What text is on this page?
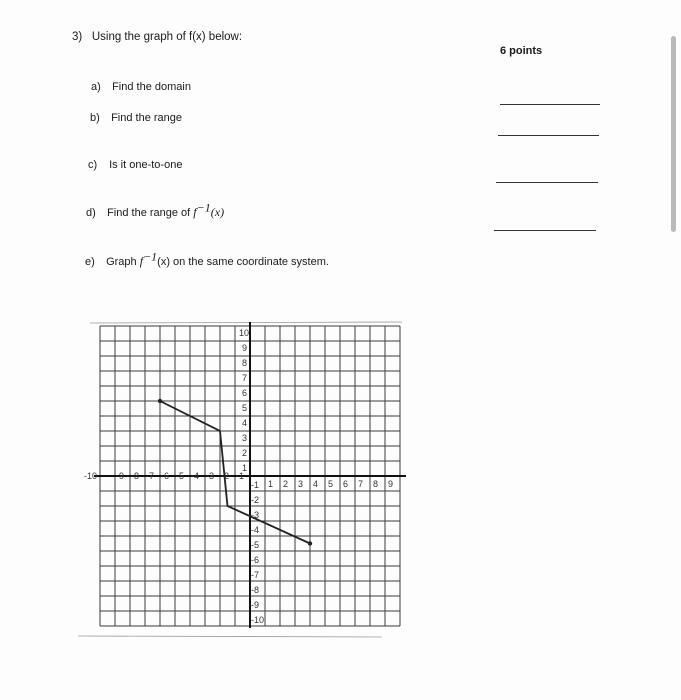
3) Using the graph of f(x) below:
6 points
a) Find the domain
b) Find the range
c) Is it one-to-one
d) Find the range of $f^{-1}(x)$
e) Graph $f^{-1}(x)$ on the same coordinate system.
-10 -9 -8 -7 -6 -5 -4 -3 -2 -1
1 2 3 4 5 6 7 8 9
10
9
8
7
6
5
4
3
2
1
-1
-2
-3
-4
-5
-6
-7
-8
-9
-10
